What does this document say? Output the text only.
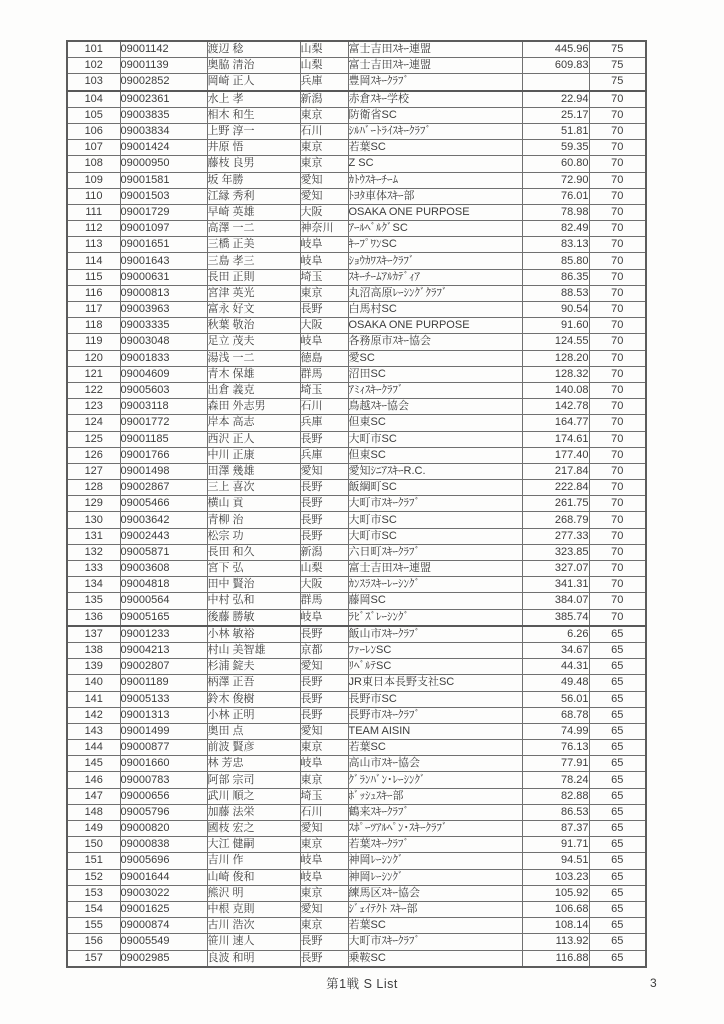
101	09001142	渡辺 稔	山梨	富士吉田ｽｷｰ連盟	445.96	75
102	09001139	奥脇 清治	山梨	富士吉田ｽｷｰ連盟	609.83	75
103	09002852	岡崎 正人	兵庫	豊岡ｽｷｰｸﾗﾌﾞ		75
104	09002361	水上 孝	新潟	赤倉ｽｷｰ学校	22.94	70
105	09003835	相木 和生	東京	防衛省SC	25.17	70
106	09003834	上野 淳一	石川	ｼﾙﾊﾞｰﾄﾗｲｽｷｰｸﾗﾌﾞ	51.81	70
107	09001424	井原 悟	東京	若葉SC	59.35	70
108	09000950	藤枝 良男	東京	Z SC	60.80	70
109	09001581	坂 年勝	愛知	ｶﾄｳｽｷｰﾁｰﾑ	72.90	70
110	09001503	江縁 秀利	愛知	ﾄﾖﾀ車体ｽｷｰ部	76.01	70
111	09001729	早崎 英雄	大阪	OSAKA ONE PURPOSE	78.98	70
112	09001097	高澤 一二	神奈川	ｱｰﾙﾍﾞﾙｸﾞSC	82.49	70
113	09001651	三橋 正美	岐阜	ｷｰﾌﾟﾜﾝSC	83.13	70
114	09001643	三島 孝三	岐阜	ｼｮｳｶﾜｽｷｰｸﾗﾌﾞ	85.80	70
115	09000631	長田 正則	埼玉	ｽｷｰﾁｰﾑｱﾙｶﾃﾞｨｱ	86.35	70
116	09000813	宮津 英光	東京	丸沼高原ﾚｰｼﾝｸﾞｸﾗﾌﾞ	88.53	70
117	09003963	富永 好文	長野	白馬村SC	90.54	70
118	09003335	秋葉 敬治	大阪	OSAKA ONE PURPOSE	91.60	70
119	09003048	足立 茂夫	岐阜	各務原市ｽｷｰ協会	124.55	70
120	09001833	湯浅 一二	徳島	愛SC	128.20	70
121	09004609	青木 保雄	群馬	沼田SC	128.32	70
122	09005603	出倉 義克	埼玉	ｱﾐｨｽｷｰｸﾗﾌﾞ	140.08	70
123	09003118	森田 外志男	石川	鳥越ｽｷｰ協会	142.78	70
124	09001772	岸本 高志	兵庫	但東SC	164.77	70
125	09001185	西沢 正人	長野	大町市SC	174.61	70
126	09001766	中川 正康	兵庫	但東SC	177.40	70
127	09001498	田澤 幾雄	愛知	愛知ｼﾆｱｽｷｰR.C.	217.84	70
128	09002867	三上 喜次	長野	飯綱町SC	222.84	70
129	09005466	横山 貢	長野	大町市ｽｷｰｸﾗﾌﾞ	261.75	70
130	09003642	青柳 治	長野	大町市SC	268.79	70
131	09002443	松宗 功	長野	大町市SC	277.33	70
132	09005871	長田 和久	新潟	六日町ｽｷｰｸﾗﾌﾞ	323.85	70
133	09003608	宮下 弘	山梨	富士吉田ｽｷｰ連盟	327.07	70
134	09004818	田中 賢治	大阪	ｶﾝｽﾗｽｷｰﾚｰｼﾝｸﾞ	341.31	70
135	09000564	中村 弘和	群馬	藤岡SC	384.07	70
136	09005165	後藤 勝敏	岐阜	ﾗﾋﾞｽﾞﾚｰｼﾝｸﾞ	385.74	70
137	09001233	小林 敏裕	長野	飯山市ｽｷｰｸﾗﾌﾞ	6.26	65
138	09004213	村山 美智雄	京都	ﾌｧｰﾚﾝSC	34.67	65
139	09002807	杉浦 錠夫	愛知	ﾘﾍﾞﾙﾃSC	44.31	65
140	09001189	柄澤 正吾	長野	JR東日本長野支社SC	49.48	65
141	09005133	鈴木 俊樹	長野	長野市SC	56.01	65
142	09001313	小林 正明	長野	長野市ｽｷｰｸﾗﾌﾞ	68.78	65
143	09001499	奥田 点	愛知	TEAM AISIN	74.99	65
144	09000877	前波 賢彦	東京	若葉SC	76.13	65
145	09001660	林 芳忠	岐阜	高山市ｽｷｰ協会	77.91	65
146	09000783	阿部 宗司	東京	ｸﾞﾗﾝﾊﾞﾝ･ﾚｰｼﾝｸﾞ	78.24	65
147	09000656	武川 順之	埼玉	ﾎﾞｯｼｭｽｷｰ部	82.88	65
148	09005796	加藤 法栄	石川	鶴来ｽｷｰｸﾗﾌﾞ	86.53	65
149	09000820	國枝 宏之	愛知	ｽﾎﾟｰﾂｱﾙﾍﾟﾝ･ｽｷｰｸﾗﾌﾞ	87.37	65
150	09000838	大江 健嗣	東京	若葉ｽｷｰｸﾗﾌﾞ	91.71	65
151	09005696	吉川 作	岐阜	神岡ﾚｰｼﾝｸﾞ	94.51	65
152	09001644	山崎 俊和	岐阜	神岡ﾚｰｼﾝｸﾞ	103.23	65
153	09003022	熊沢 明	東京	練馬区ｽｷｰ協会	105.92	65
154	09001625	中根 克則	愛知	ｼﾞｪｲﾃｸﾄ ｽｷｰ部	106.68	65
155	09000874	古川 浩次	東京	若葉SC	108.14	65
156	09005549	笹川 速人	長野	大町市ｽｷｰｸﾗﾌﾞ	113.92	65
157	09002985	良波 和明	長野	乗鞍SC	116.88	65
第1戦 S List	3
